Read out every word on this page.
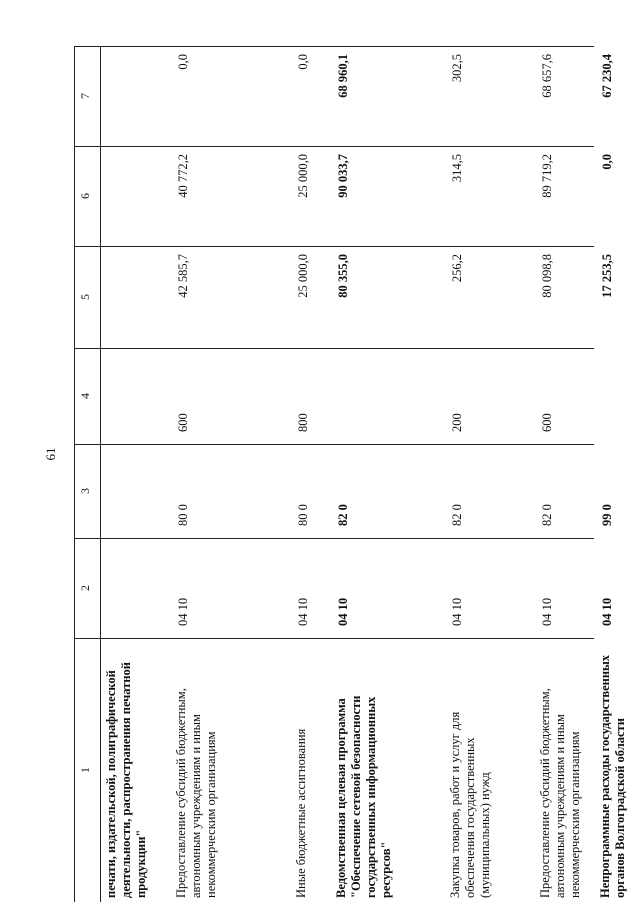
61
1
2
3
4
5
6
7
печати, издательской, полиграфической деятельности, распространения печатной продукции"	Предоставление субсидий бюджетным, автономным учреждениям и иным некоммерческим организациям
04 10
80 0
600
42 585,7
40 772,2
0,0
Иные бюджетные ассигнования
04 10
80 0
800
25 000,0
25 000,0
0,0
Ведомственная целевая программа "Обеспечение сетевой безопасности государственных информационных ресурсов"
04 10
82 0
80 355,0
90 033,7
68 960,1
Закупка товаров, работ и услуг для обеспечения государственных (муниципальных) нужд
04 10
82 0
200
256,2
314,5
302,5
Предоставление субсидий бюджетным, автономным учреждениям и иным некоммерческим организациям
04 10
82 0
600
80 098,8
89 719,2
68 657,6
Непрограммные расходы государственных органов Волгоградской области
04 10
99 0
17 253,5
0,0
67 230,4
